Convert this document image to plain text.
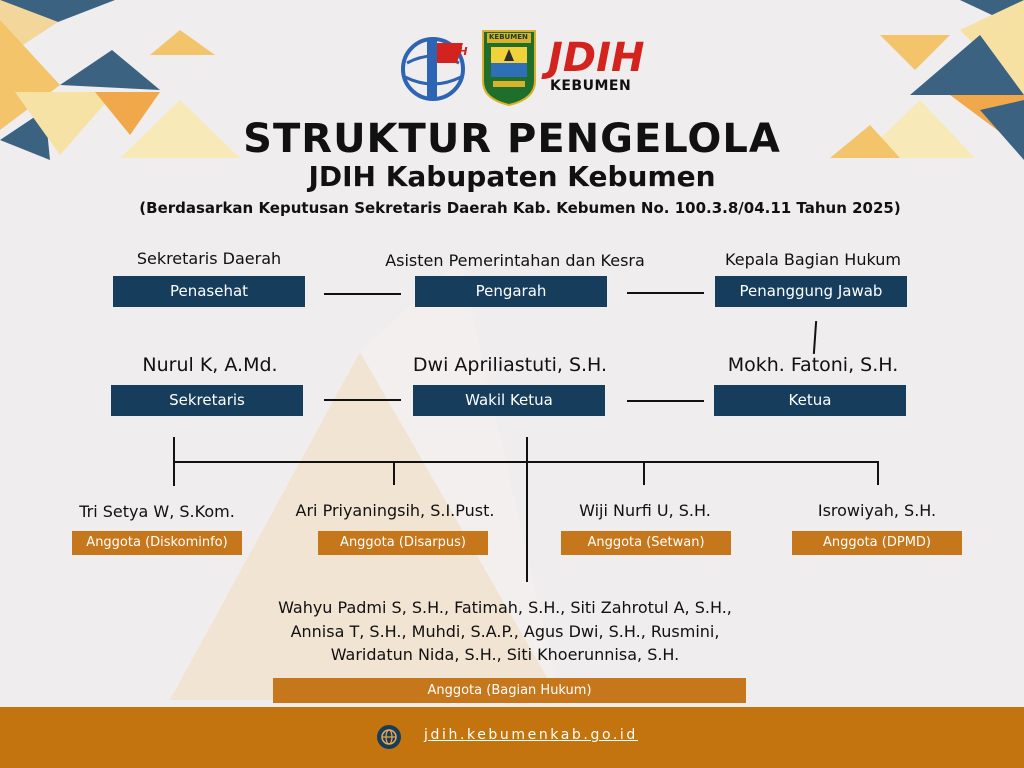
JDIH
KEBUMEN JDIH
KEBUMEN
STRUKTUR PENGELOLA
JDIH Kabupaten Kebumen
(Berdasarkan Keputusan Sekretaris Daerah Kab. Kebumen No. 100.3.8/04.11 Tahun 2025)
Sekretaris Daerah
Penasehat
Asisten Pemerintahan dan Kesra
Pengarah
Kepala Bagian Hukum
Penanggung Jawab
Nurul K, A.Md.
Sekretaris
Dwi Apriliastuti, S.H.
Wakil Ketua
Mokh. Fatoni, S.H.
Ketua
Tri Setya W, S.Kom.
Anggota (Diskominfo)
Ari Priyaningsih, S.I.Pust.
Anggota (Disarpus)
Wiji Nurfi U, S.H.
Anggota (Setwan)
Isrowiyah, S.H.
Anggota (DPMD)
Wahyu Padmi S, S.H., Fatimah, S.H., Siti Zahrotul A, S.H.,
Annisa T, S.H., Muhdi, S.A.P., Agus Dwi, S.H., Rusmini,
Waridatun Nida, S.H., Siti Khoerunnisa, S.H.
Anggota (Bagian Hukum)
jdih.kebumenkab.go.id
